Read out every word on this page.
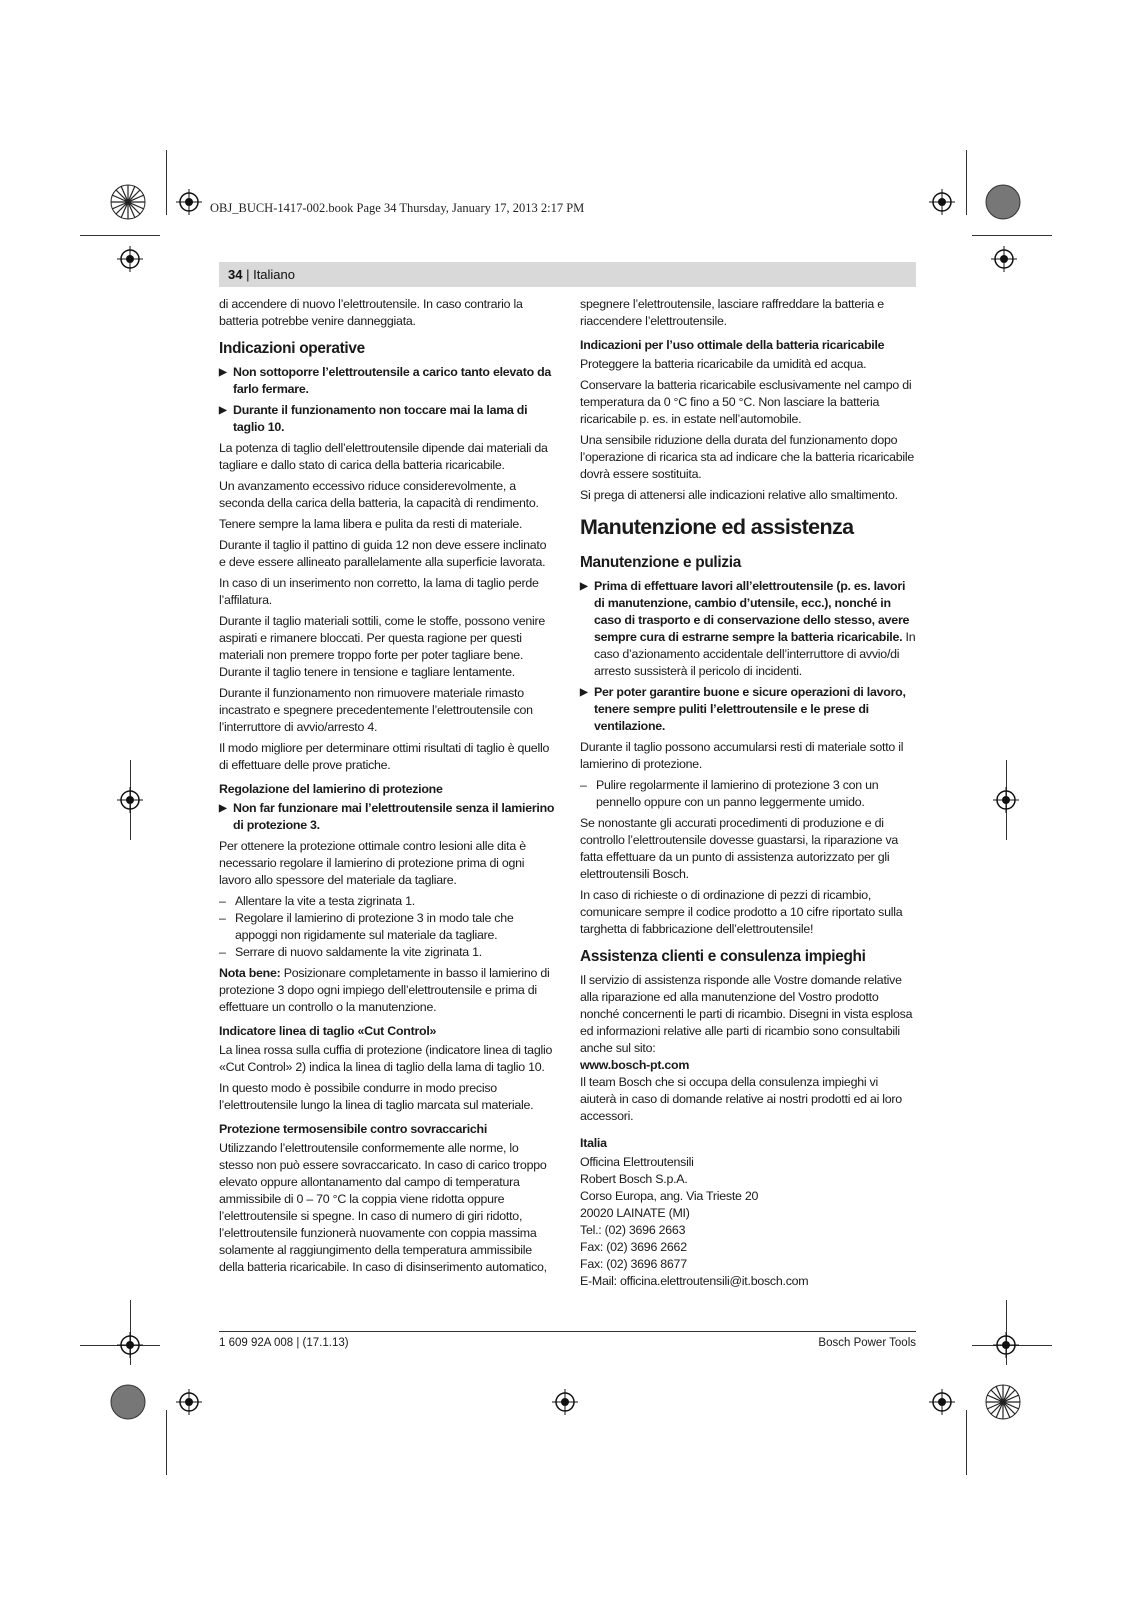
OBJ_BUCH-1417-002.book Page 34 Thursday, January 17, 2013 2:17 PM
34 | Italiano

di accendere di nuovo l’elettroutensile. In caso contrario la batteria potrebbe venire danneggiata.

Indicazioni operative
▶ Non sottoporre l’elettroutensile a carico tanto elevato da farlo fermare.
▶ Durante il funzionamento non toccare mai la lama di taglio 10.

La potenza di taglio dell’elettroutensile dipende dai materiali da tagliare e dallo stato di carica della batteria ricaricabile.

Un avanzamento eccessivo riduce considerevolmente, a seconda della carica della batteria, la capacità di rendimento.

Tenere sempre la lama libera e pulita da resti di materiale.

Durante il taglio il pattino di guida 12 non deve essere inclinato e deve essere allineato parallelamente alla superficie lavorata.

In caso di un inserimento non corretto, la lama di taglio perde l’affilatura.

Durante il taglio materiali sottili, come le stoffe, possono venire aspirati e rimanere bloccati. Per questa ragione per questi materiali non premere troppo forte per poter tagliare bene. Durante il taglio tenere in tensione e tagliare lentamente.

Durante il funzionamento non rimuovere materiale rimasto incastrato e spegnere precedentemente l’elettroutensile con l’interruttore di avvio/arresto 4.

Il modo migliore per determinare ottimi risultati di taglio è quello di effettuare delle prove pratiche.

Regolazione del lamierino di protezione
▶ Non far funzionare mai l’elettroutensile senza il lamierino di protezione 3.

Per ottenere la protezione ottimale contro lesioni alle dita è necessario regolare il lamierino di protezione prima di ogni lavoro allo spessore del materiale da tagliare.

– Allentare la vite a testa zigrinata 1.
– Regolare il lamierino di protezione 3 in modo tale che appoggi non rigidamente sul materiale da tagliare.
– Serrare di nuovo saldamente la vite zigrinata 1.

Nota bene: Posizionare completamente in basso il lamierino di protezione 3 dopo ogni impiego dell’elettroutensile e prima di effettuare un controllo o la manutenzione.

Indicatore linea di taglio «Cut Control»

La linea rossa sulla cuffia di protezione (indicatore linea di taglio «Cut Control» 2) indica la linea di taglio della lama di taglio 10.

In questo modo è possibile condurre in modo preciso l’elettroutensile lungo la linea di taglio marcata sul materiale.

Protezione termosensibile contro sovraccarichi

Utilizzando l’elettroutensile conformemente alle norme, lo stesso non può essere sovraccaricato. In caso di carico troppo elevato oppure allontanamento dal campo di temperatura ammissibile di 0 – 70 °C la coppia viene ridotta oppure l’elettroutensile si spegne. In caso di numero di giri ridotto, l’elettroutensile funzionerà nuovamente con coppia massima solamente al raggiungimento della temperatura ammissibile della batteria ricaricabile. In caso di disinserimento automatico,

spegnere l’elettroutensile, lasciare raffreddare la batteria e riaccendere l’elettroutensile.

Indicazioni per l’uso ottimale della batteria ricaricabile

Proteggere la batteria ricaricabile da umidità ed acqua.

Conservare la batteria ricaricabile esclusivamente nel campo di temperatura da 0 °C fino a 50 °C. Non lasciare la batteria ricaricabile p. es. in estate nell’automobile.

Una sensibile riduzione della durata del funzionamento dopo l’operazione di ricarica sta ad indicare che la batteria ricaricabile dovrà essere sostituita.

Si prega di attenersi alle indicazioni relative allo smaltimento.

Manutenzione ed assistenza
Manutenzione e pulizia
▶ Prima di effettuare lavori all’elettroutensile (p. es. lavori di manutenzione, cambio d’utensile, ecc.), nonché in caso di trasporto e di conservazione dello stesso, avere sempre cura di estrarne sempre la batteria ricaricabile. In caso d’azionamento accidentale dell’interruttore di avvio/di arresto sussisterà il pericolo di incidenti.
▶ Per poter garantire buone e sicure operazioni di lavoro, tenere sempre puliti l’elettroutensile e le prese di ventilazione.

Durante il taglio possono accumularsi resti di materiale sotto il lamierino di protezione.

– Pulire regolarmente il lamierino di protezione 3 con un pennello oppure con un panno leggermente umido.

Se nonostante gli accurati procedimenti di produzione e di controllo l’elettroutensile dovesse guastarsi, la riparazione va fatta effettuare da un punto di assistenza autorizzato per gli elettroutensili Bosch.

In caso di richieste o di ordinazione di pezzi di ricambio, comunicare sempre il codice prodotto a 10 cifre riportato sulla targhetta di fabbricazione dell’elettroutensile!

Assistenza clienti e consulenza impieghi

Il servizio di assistenza risponde alle Vostre domande relative alla riparazione ed alla manutenzione del Vostro prodotto nonché concernenti le parti di ricambio. Disegni in vista esplosa ed informazioni relative alle parti di ricambio sono consultabili anche sul sito:

www.bosch-pt.com

Il team Bosch che si occupa della consulenza impieghi vi aiuterà in caso di domande relative ai nostri prodotti ed ai loro accessori.

Italia
Officina Elettroutensili
Robert Bosch S.p.A.
Corso Europa, ang. Via Trieste 20
20020 LAINATE (MI)
Tel.: (02) 3696 2663
Fax: (02) 3696 2662
Fax: (02) 3696 8677
E-Mail: officina.elettroutensili@it.bosch.com
1 609 92A 008 | (17.1.13)	Bosch Power Tools
